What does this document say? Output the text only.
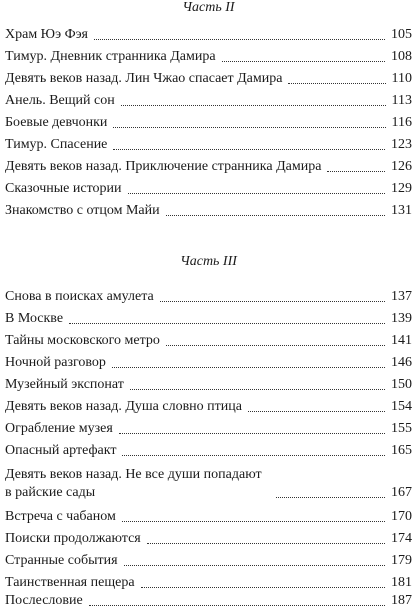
Часть II
Храм Юэ Фэя	105
Тимур. Дневник странника Дамира	108
Девять веков назад. Лин Чжао спасает Дамира	110
Анель. Вещий сон	113
Боевые девчонки	116
Тимур. Спасение	123
Девять веков назад. Приключение странника Дамира	126
Сказочные истории	129
Знакомство с отцом Майи	131
Часть III
Снова в поисках амулета	137
В Москве	139
Тайны московского метро	141
Ночной разговор	146
Музейный экспонат	150
Девять веков назад. Душа словно птица	154
Ограбление музея	155
Опасный артефакт	165
Девять веков назад. Не все души попадают в райские сады	167
Встреча с чабаном	170
Поиски продолжаются	174
Странные события	179
Таинственная пещера	181
Послесловие	187
